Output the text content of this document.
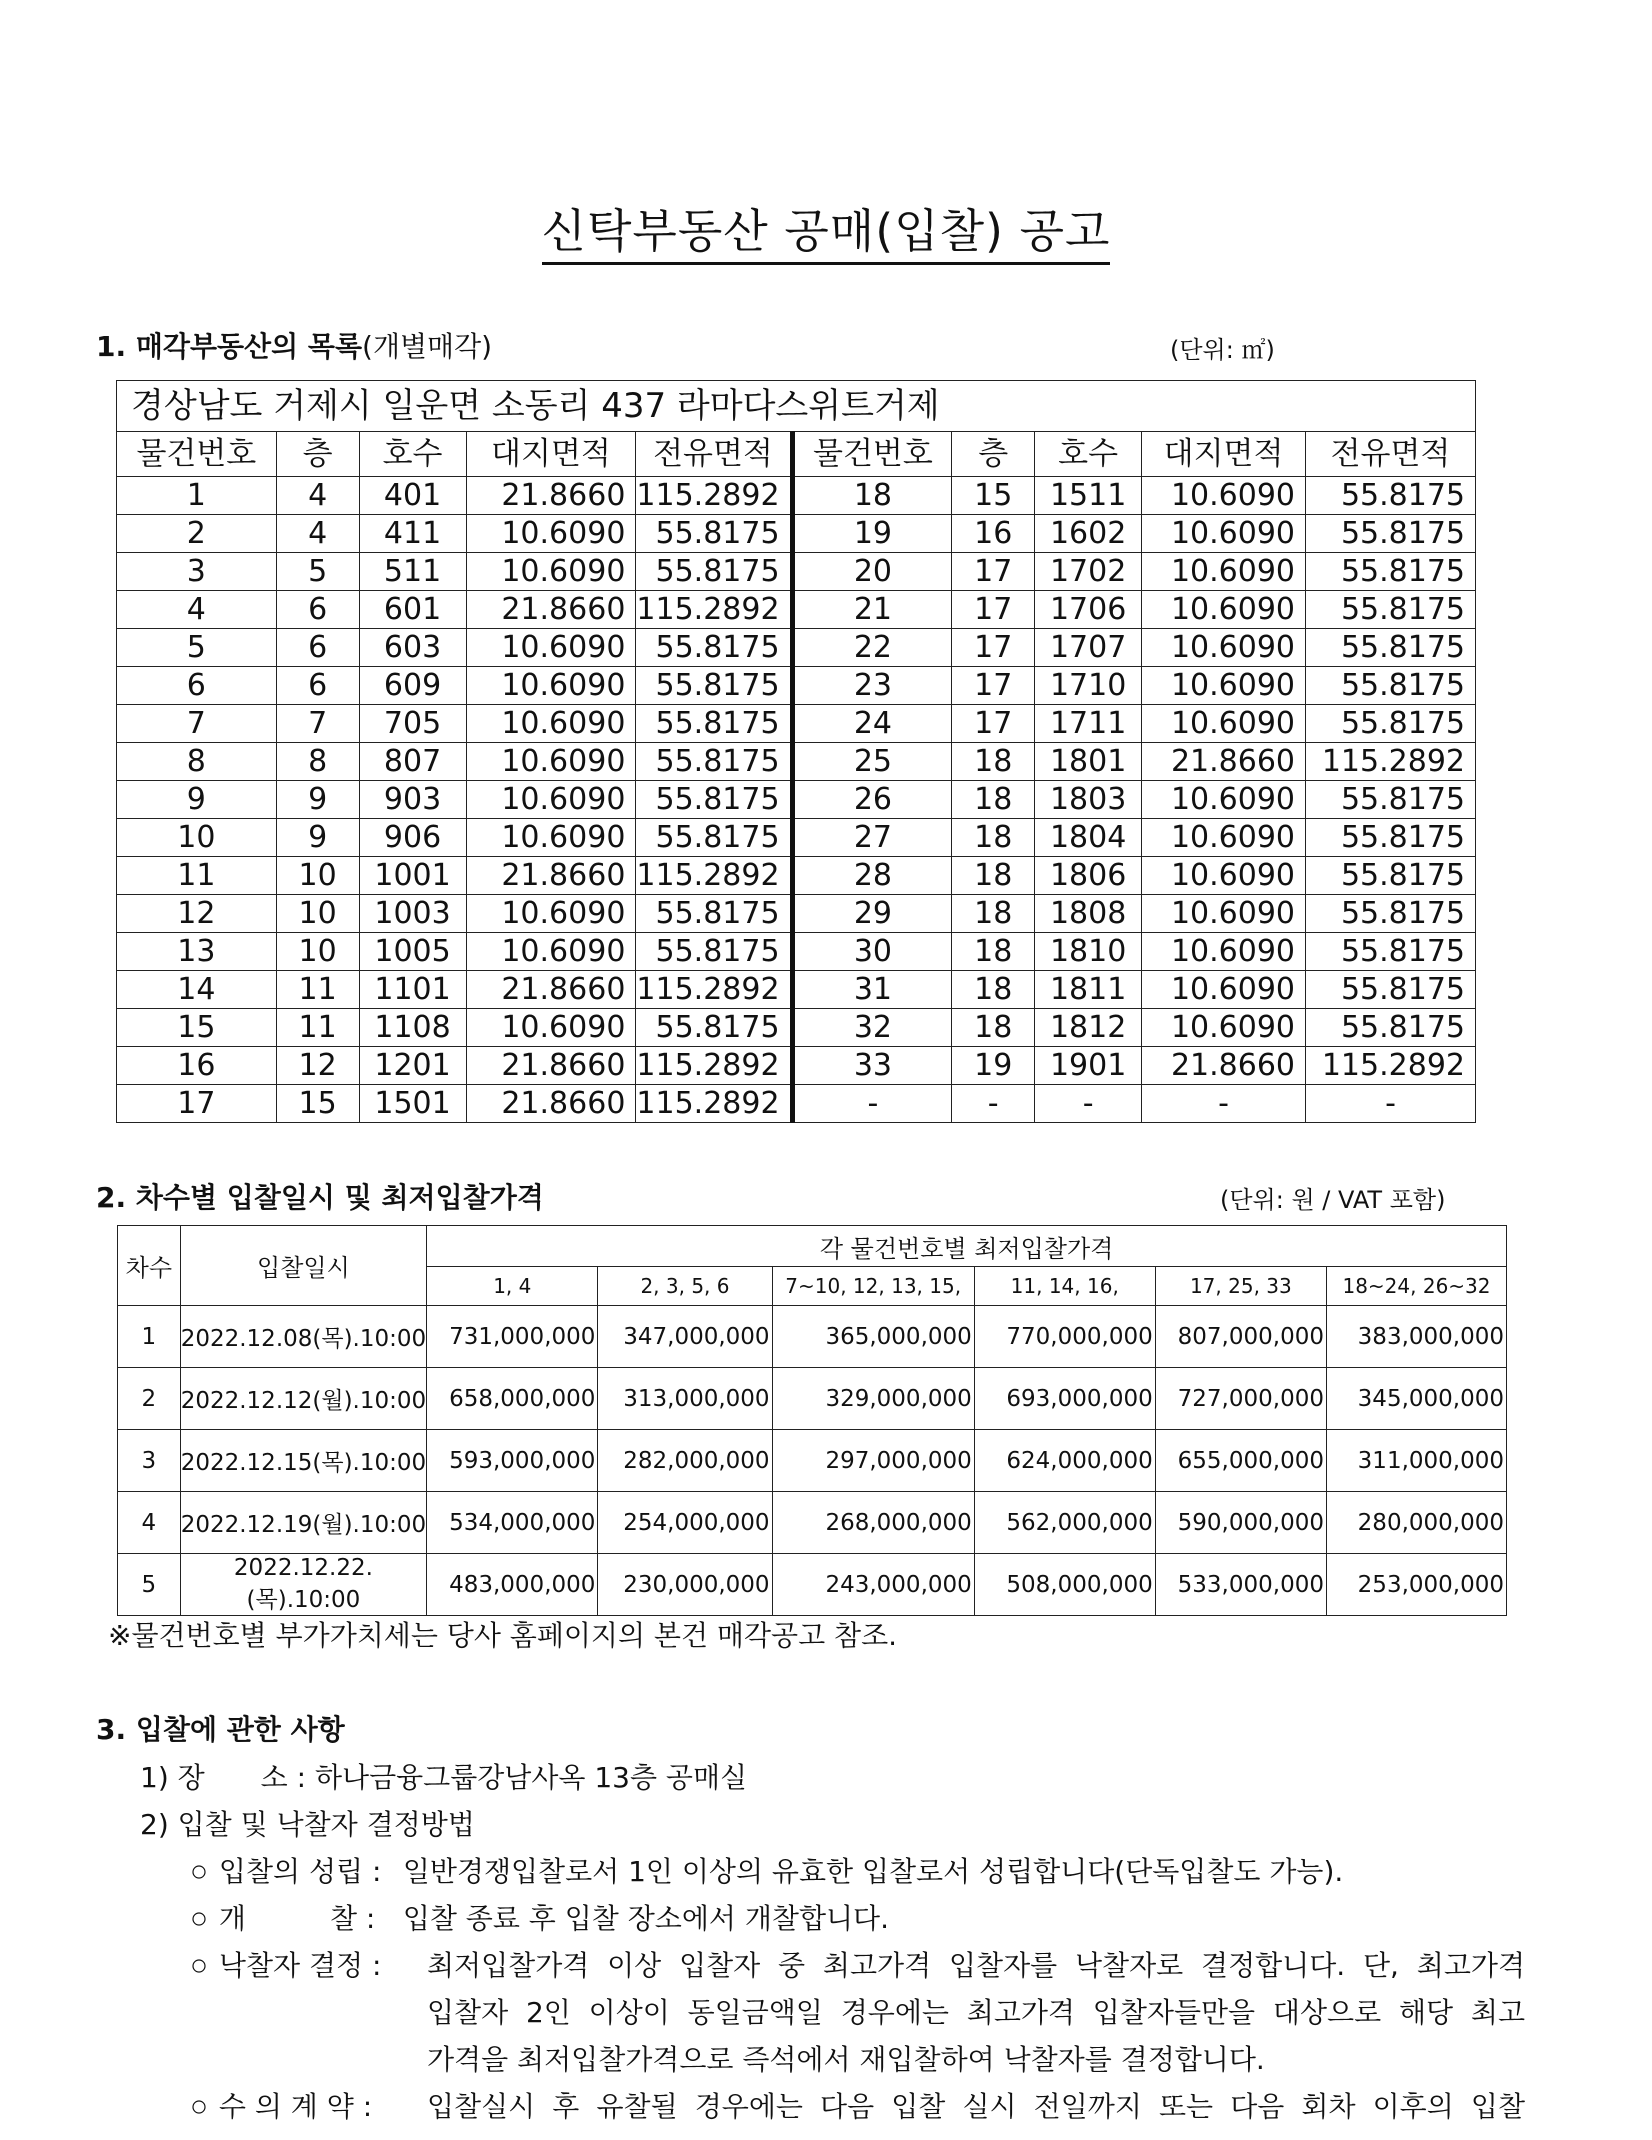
신탁부동산 공매(입찰) 공고
1. 매각부동산의 목록(개별매각)	(단위: ㎡)
경상남도 거제시 일운면 소동리 437 라마다스위트거제									
물건번호	층	호수	대지면적	전유면적	물건번호	층	호수	대지면적	전유면적
1	4	401	21.8660	115.2892	18	15	1511	10.6090	55.8175
2	4	411	10.6090	55.8175	19	16	1602	10.6090	55.8175
3	5	511	10.6090	55.8175	20	17	1702	10.6090	55.8175
4	6	601	21.8660	115.2892	21	17	1706	10.6090	55.8175
5	6	603	10.6090	55.8175	22	17	1707	10.6090	55.8175
6	6	609	10.6090	55.8175	23	17	1710	10.6090	55.8175
7	7	705	10.6090	55.8175	24	17	1711	10.6090	55.8175
8	8	807	10.6090	55.8175	25	18	1801	21.8660	115.2892
9	9	903	10.6090	55.8175	26	18	1803	10.6090	55.8175
10	9	906	10.6090	55.8175	27	18	1804	10.6090	55.8175
11	10	1001	21.8660	115.2892	28	18	1806	10.6090	55.8175
12	10	1003	10.6090	55.8175	29	18	1808	10.6090	55.8175
13	10	1005	10.6090	55.8175	30	18	1810	10.6090	55.8175
14	11	1101	21.8660	115.2892	31	18	1811	10.6090	55.8175
15	11	1108	10.6090	55.8175	32	18	1812	10.6090	55.8175
16	12	1201	21.8660	115.2892	33	19	1901	21.8660	115.2892
17	15	1501	21.8660	115.2892	-	-	-	-	-
2. 차수별 입찰일시 및 최저입찰가격	(단위: 원 / VAT 포함)
차수	입찰일시	각 물건번호별 최저입찰가격					
		1, 4	2, 3, 5, 6	7~10, 12, 13, 15,	11, 14, 16,	17, 25, 33	18~24, 26~32
1	2022.12.08(목).10:00	731,000,000	347,000,000	365,000,000	770,000,000	807,000,000	383,000,000
2	2022.12.12(월).10:00	658,000,000	313,000,000	329,000,000	693,000,000	727,000,000	345,000,000
3	2022.12.15(목).10:00	593,000,000	282,000,000	297,000,000	624,000,000	655,000,000	311,000,000
4	2022.12.19(월).10:00	534,000,000	254,000,000	268,000,000	562,000,000	590,000,000	280,000,000
5	2022.12.22.(목).10:00	483,000,000	230,000,000	243,000,000	508,000,000	533,000,000	253,000,000
※물건번호별 부가가치세는 당사 홈페이지의 본건 매각공고 참조.
3. 입찰에 관한 사항
1) 장　　소 : 하나금융그룹강남사옥 13층 공매실
2) 입찰 및 낙찰자 결정방법
입찰의 성립 : 일반경쟁입찰로서 1인 이상의 유효한 입찰로서 성립합니다(단독입찰도 가능).
개　　　찰 : 입찰 종료 후 입찰 장소에서 개찰합니다.
낙찰자 결정 :	최저입찰가격 이상 입찰자 중 최고가격 입찰자를 낙찰자로 결정합니다. 단, 최고가격
입찰자 2인 이상이 동일금액일 경우에는 최고가격 입찰자들만을 대상으로 해당 최고
가격을 최저입찰가격으로 즉석에서 재입찰하여 낙찰자를 결정합니다.
수 의 계 약 :	입찰실시 후 유찰될 경우에는 다음 입찰 실시 전일까지 또는 다음 회차 이후의 입찰
